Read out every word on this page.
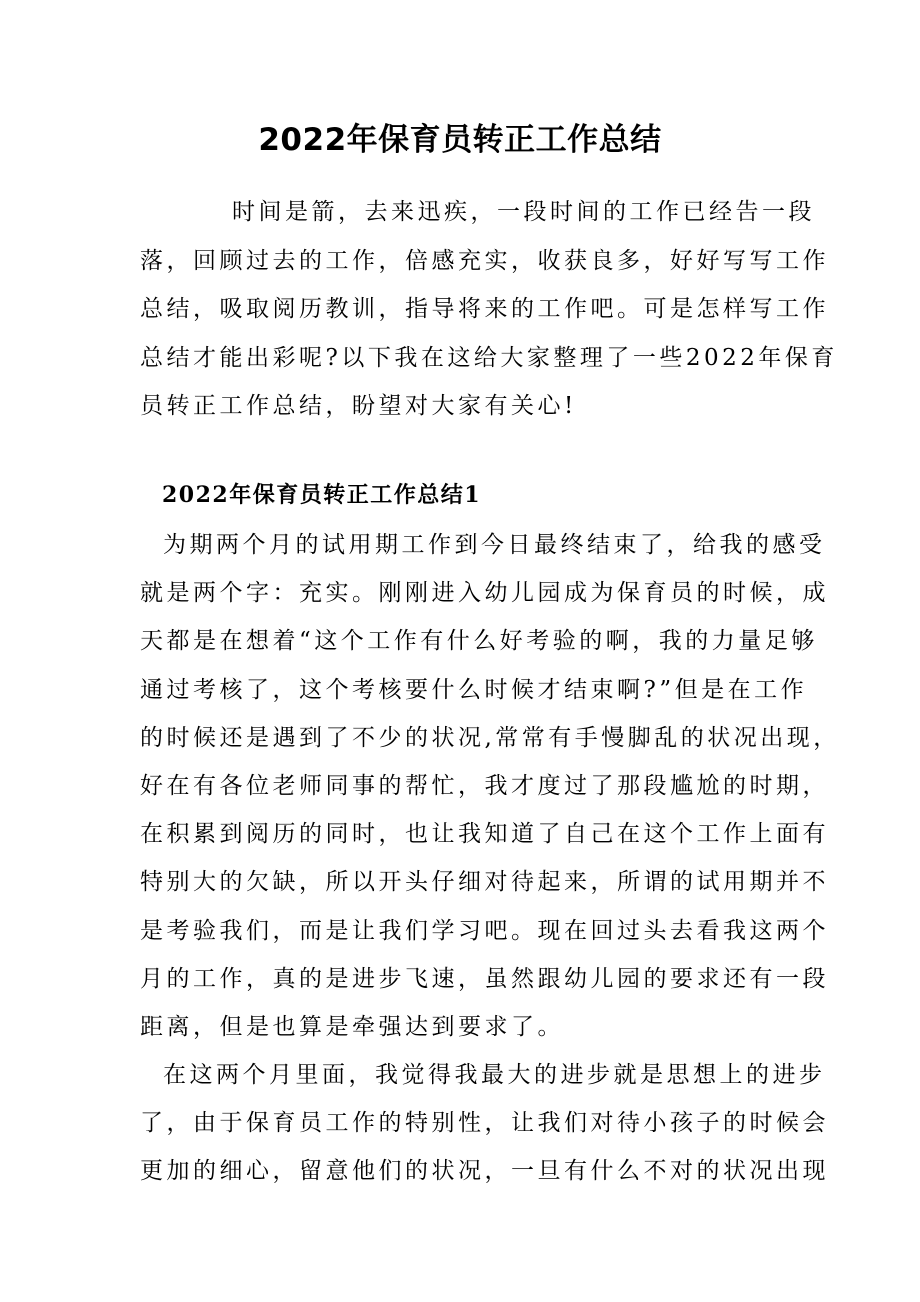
2022年保育员转正工作总结
时间是箭，去来迅疾，一段时间的工作已经告一段
落，回顾过去的工作，倍感充实，收获良多，好好写写工作
总结，吸取阅历教训，指导将来的工作吧。可是怎样写工作
总结才能出彩呢?以下我在这给大家整理了一些2022年保育
员转正工作总结，盼望对大家有关心!
2022年保育员转正工作总结1
为期两个月的试用期工作到今日最终结束了，给我的感受
就是两个字：充实。刚刚进入幼儿园成为保育员的时候，成
天都是在想着“这个工作有什么好考验的啊，我的力量足够
通过考核了，这个考核要什么时候才结束啊?”但是在工作
的时候还是遇到了不少的状况,常常有手慢脚乱的状况出现，
好在有各位老师同事的帮忙，我才度过了那段尴尬的时期，
在积累到阅历的同时，也让我知道了自己在这个工作上面有
特别大的欠缺，所以开头仔细对待起来，所谓的试用期并不
是考验我们，而是让我们学习吧。现在回过头去看我这两个
月的工作，真的是进步飞速，虽然跟幼儿园的要求还有一段
距离，但是也算是牵强达到要求了。
在这两个月里面，我觉得我最大的进步就是思想上的进步
了，由于保育员工作的特别性，让我们对待小孩子的时候会
更加的细心，留意他们的状况，一旦有什么不对的状况出现
